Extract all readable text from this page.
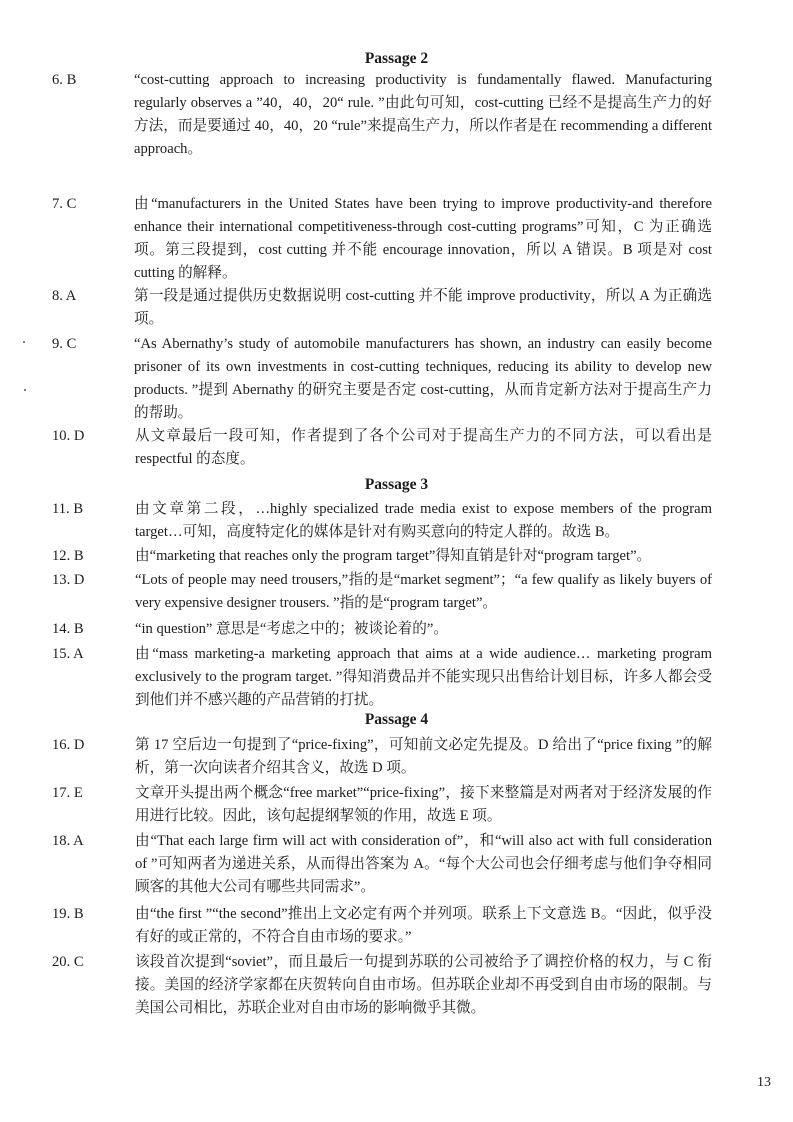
Passage 2
6. B	“cost-cutting approach to increasing productivity is fundamentally flawed. Manufacturing regularly observes a ”40，40，20“ rule. ”由此句可知，cost-cutting 已经不是提高生产力的好方法，而是要通过 40，40，20 “rule”来提高生产力，所以作者是在 recommending a different approach。
7. C	由“manufacturers in the United States have been trying to improve productivity-and therefore enhance their international competitiveness-through cost-cutting programs”可知，C 为正确选项。第三段提到，cost cutting 并不能 encourage innovation，所以 A 错误。B 项是对 cost cutting 的解释。
8. A	第一段是通过提供历史数据说明 cost-cutting 并不能 improve productivity，所以 A 为正确选项。
9. C	“As Abernathy’s study of automobile manufacturers has shown, an industry can easily become prisoner of its own investments in cost-cutting techniques, reducing its ability to develop new products. ”提到 Abernathy 的研究主要是否定 cost-cutting，从而肯定新方法对于提高生产力的帮助。
10. D	从文章最后一段可知，作者提到了各个公司对于提高生产力的不同方法，可以看出是 respectful 的态度。
Passage 3
11. B	由文章第二段，…highly specialized trade media exist to expose members of the program target…可知，高度特定化的媒体是针对有购买意向的特定人群的。故选 B。
12. B	由“marketing that reaches only the program target”得知直销是针对“program target”。
13. D	“Lots of people may need trousers,”指的是“market segment”；“a few qualify as likely buyers of very expensive designer trousers. ”指的是“program target”。
14. B	“in question” 意思是“考虑之中的；被谈论着的”。
15. A	由“mass marketing-a marketing approach that aims at a wide audience… marketing program exclusively to the program target. ”得知消费品并不能实现只出售给计划目标，许多人都会受到他们并不感兴趣的产品营销的打扰。
Passage 4
16. D	第 17 空后边一句提到了“price-fixing”，可知前文必定先提及。D 给出了“price fixing ”的解析，第一次向读者介绍其含义，故选 D 项。
17. E	文章开头提出两个概念“free market”“price-fixing”，接下来整篇是对两者对于经济发展的作用进行比较。因此，该句起提纲挈领的作用，故选 E 项。
18. A	由“That each large firm will act with consideration of”，和“will also act with full consideration of ”可知两者为递进关系，从而得出答案为 A。“每个大公司也会仔细考虑与他们争夺相同顾客的其他大公司有哪些共同需求”。
19. B	由“the first ”“the second”推出上文必定有两个并列项。联系上下文意选 B。“因此，似乎没有好的或正常的，不符合自由市场的要求。”
20. C	该段首次提到“soviet”，而且最后一句提到苏联的公司被给予了调控价格的权力，与 C 衔接。美国的经济学家都在庆贺转向自由市场。但苏联企业却不再受到自由市场的限制。与美国公司相比，苏联企业对自由市场的影响微乎其微。
13
